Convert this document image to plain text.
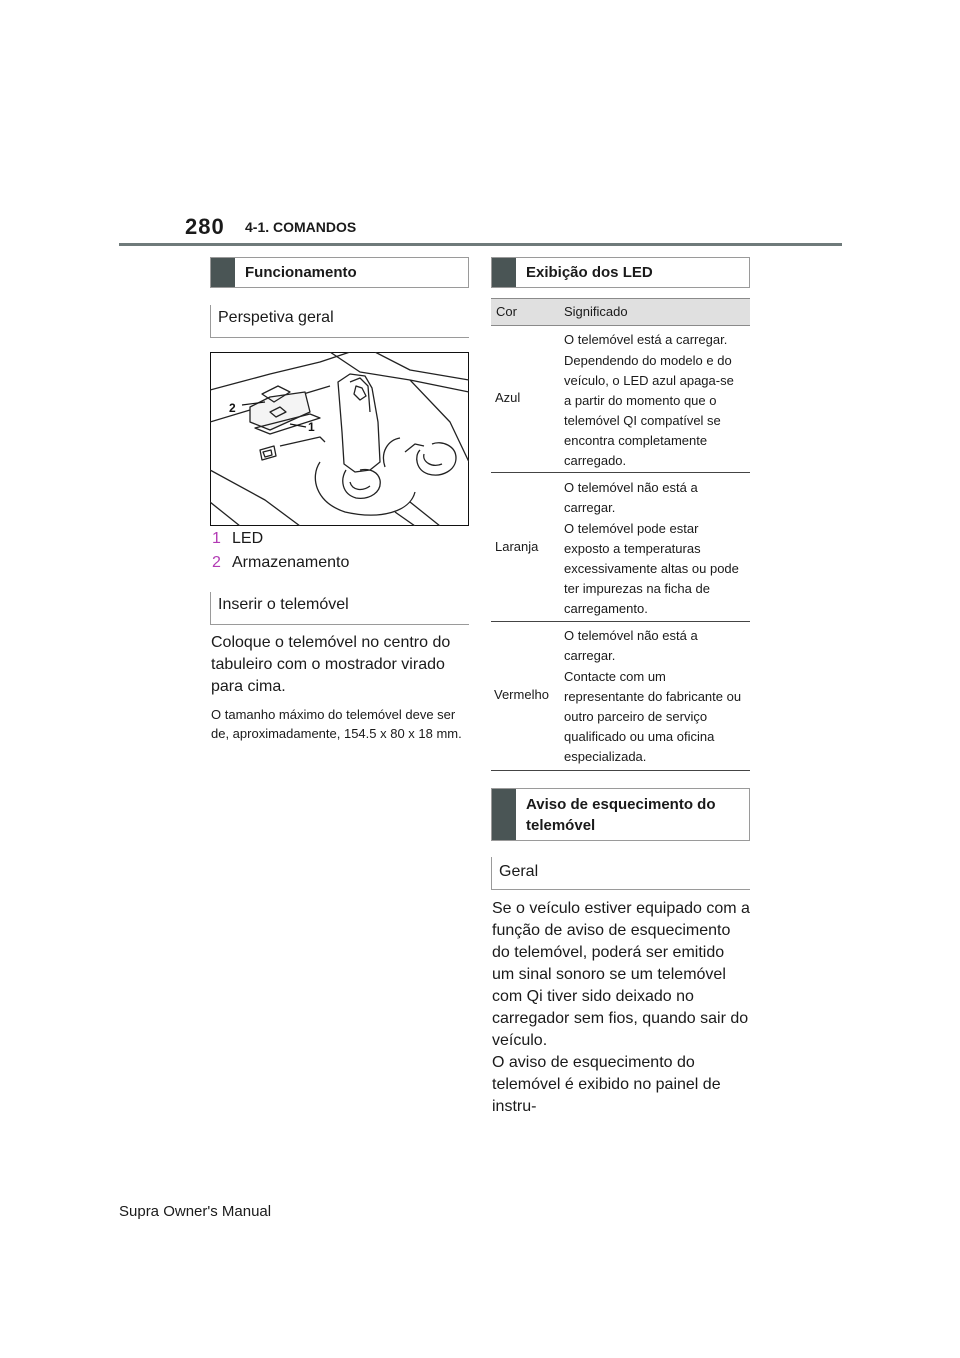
280 4-1. COMANDOS
Funcionamento
Perspetiva geral
2
1
1 LED
2 Armazenamento
Inserir o telemóvel
Coloque o telemóvel no centro do tabuleiro com o mostrador virado para cima.
O tamanho máximo do telemóvel deve ser de, aproximadamente, 154.5 x 80 x 18 mm.
Exibição dos LED
Cor	Significado
Azul
O telemóvel está a carregar.
Dependendo do modelo e do veículo, o LED azul apaga-se a partir do momento que o telemóvel QI compatível se encontra completamente carregado.
Laranja
O telemóvel não está a carregar.
O telemóvel pode estar exposto a temperaturas excessivamente altas ou pode ter impurezas na ficha de carregamento.
Vermelho
O telemóvel não está a carregar.
Contacte com um representante do fabricante ou outro parceiro de serviço qualificado ou uma oficina especializada.
Aviso de esquecimento do telemóvel
Geral
Se o veículo estiver equipado com a função de aviso de esquecimento do telemóvel, poderá ser emitido um sinal sonoro se um telemóvel com Qi tiver sido deixado no carregador sem fios, quando sair do veículo.
O aviso de esquecimento do telemóvel é exibido no painel de instru-
Supra Owner's Manual
